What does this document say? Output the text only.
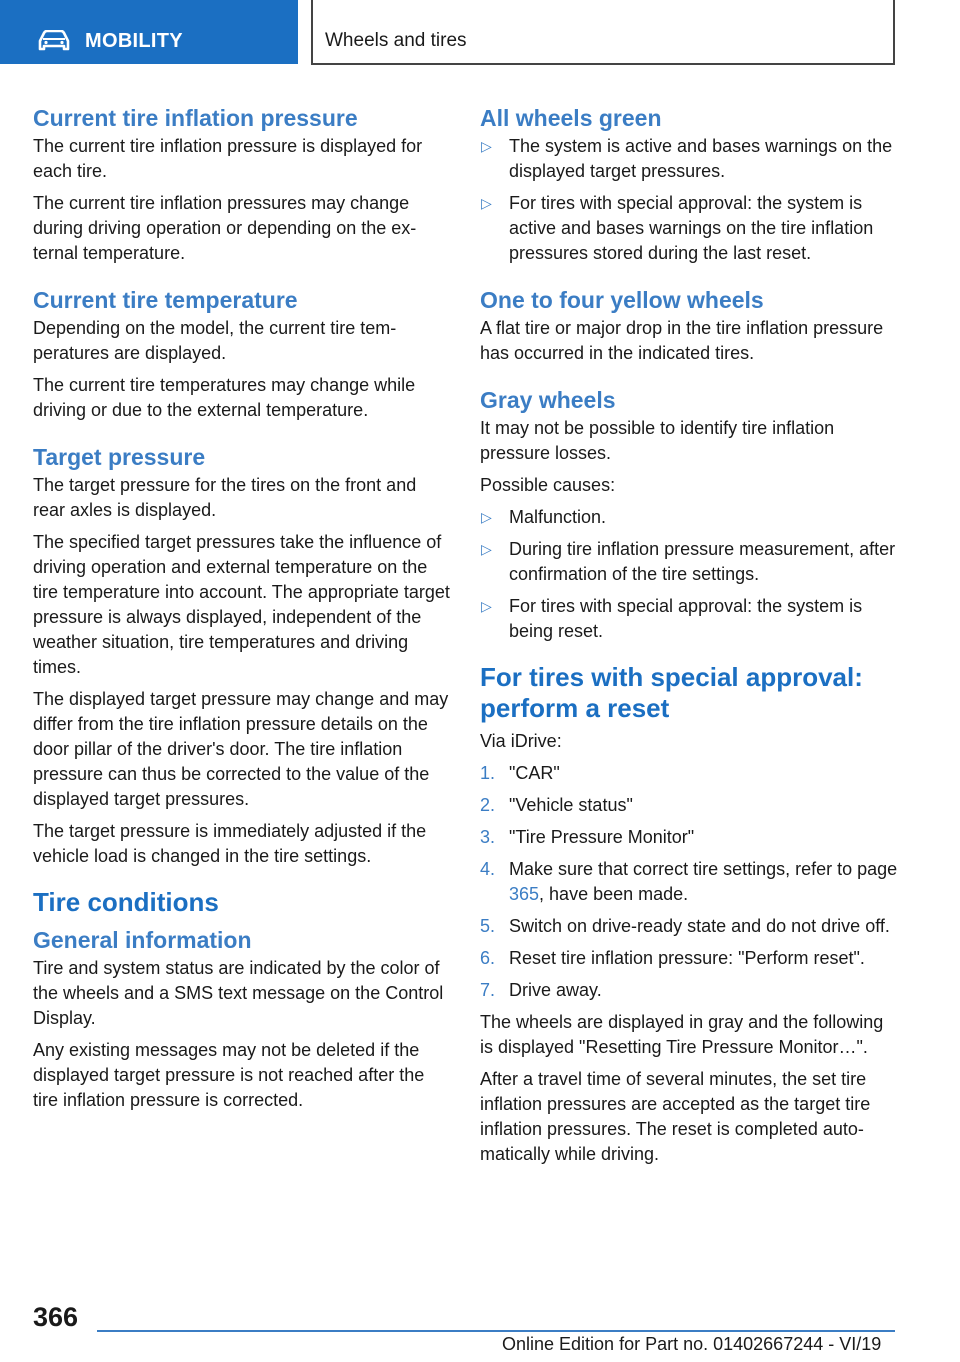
MOBILITY	Wheels and tires
Current tire inflation pressure

The current tire inflation pressure is displayed for each tire.

The current tire inflation pressures may change during driving operation or depending on the external temperature.

Current tire temperature

Depending on the model, the current tire temperatures are displayed.

The current tire temperatures may change while driving or due to the external temperature.

Target pressure

The target pressure for the tires on the front and rear axles is displayed.

The specified target pressures take the influence of driving operation and external temperature on the tire temperature into account. The appropriate target pressure is always displayed, independent of the weather situation, tire temperatures and driving times.

The displayed target pressure may change and may differ from the tire inflation pressure details on the door pillar of the driver's door. The tire inflation pressure can thus be corrected to the value of the displayed target pressures.

The target pressure is immediately adjusted if the vehicle load is changed in the tire settings.

Tire conditions
General information

Tire and system status are indicated by the color of the wheels and a SMS text message on the Control Display.

Any existing messages may not be deleted if the displayed target pressure is not reached after the tire inflation pressure is corrected.

All wheels green
▷ The system is active and bases warnings on the displayed target pressures.
▷ For tires with special approval: the system is active and bases warnings on the tire inflation pressures stored during the last reset.
One to four yellow wheels

A flat tire or major drop in the tire inflation pressure has occurred in the indicated tires.

Gray wheels

It may not be possible to identify tire inflation pressure losses.

Possible causes:

▷ Malfunction.
▷ During tire inflation pressure measurement, after confirmation of the tire settings.
▷ For tires with special approval: the system is being reset.
For tires with special approval: perform a reset

Via iDrive:

1. "CAR"
2. "Vehicle status"
3. "Tire Pressure Monitor"
4. Make sure that correct tire settings, refer to page 365, have been made.
5. Switch on drive-ready state and do not drive off.
6. Reset tire inflation pressure: "Perform reset".
7. Drive away.

The wheels are displayed in gray and the following is displayed "Resetting Tire Pressure Monitor…".

After a travel time of several minutes, the set tire inflation pressures are accepted as the target tire inflation pressures. The reset is completed automatically while driving.

366
Online Edition for Part no. 01402667244 - VI/19
